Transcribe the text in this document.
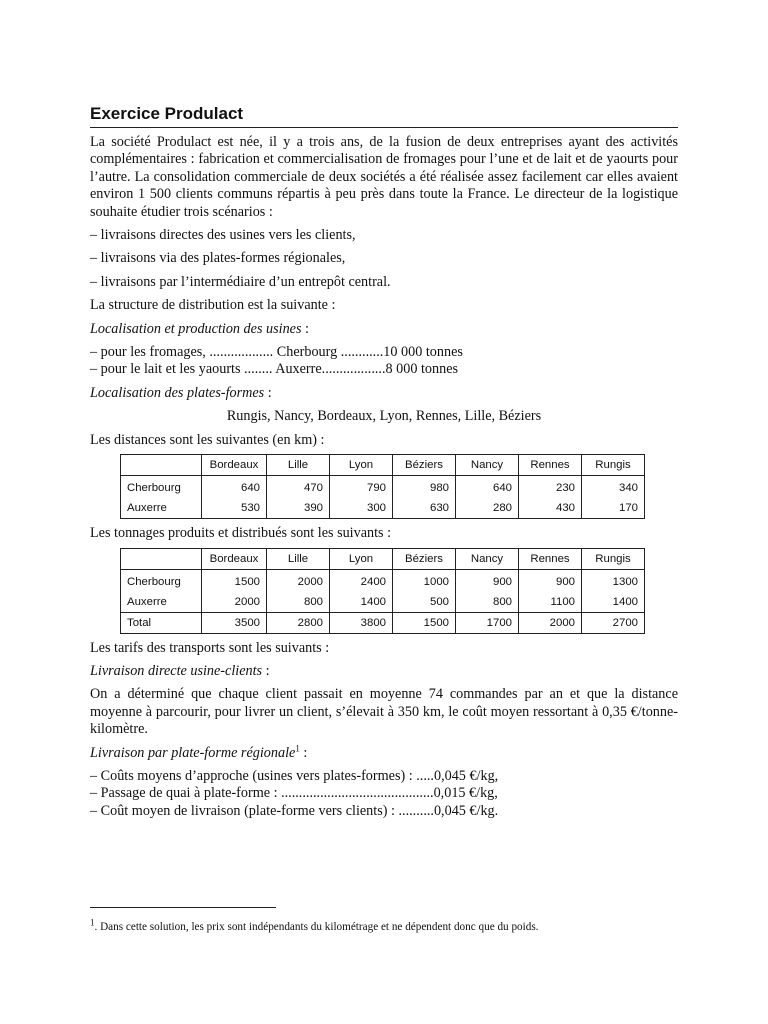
Exercice Produlact

La société Produlact est née, il y a trois ans, de la fusion de deux entreprises ayant des activités complémentaires : fabrication et commercialisation de fromages pour l’une et de lait et de yaourts pour l’autre. La consolidation commerciale de deux sociétés a été réalisée assez facilement car elles avaient environ 1 500 clients communs répartis à peu près dans toute la France. Le directeur de la logistique souhaite étudier trois scénarios :

– livraisons directes des usines vers les clients,

– livraisons via des plates-formes régionales,

– livraisons par l’intermédiaire d’un entrepôt central.

La structure de distribution est la suivante :

Localisation et production des usines :

– pour les fromages, .................. Cherbourg ............10 000 tonnes

– pour le lait et les yaourts ........ Auxerre..................8 000 tonnes

Localisation des plates-formes :

Rungis, Nancy, Bordeaux, Lyon, Rennes, Lille, Béziers

Les distances sont les suivantes (en km) :

	Bordeaux	Lille	Lyon	Béziers	Nancy	Rennes	Rungis
Cherbourg	640	470	790	980	640	230	340
Auxerre	530	390	300	630	280	430	170

Les tonnages produits et distribués sont les suivants :

	Bordeaux	Lille	Lyon	Béziers	Nancy	Rennes	Rungis
Cherbourg	1500	2000	2400	1000	900	900	1300
Auxerre	2000	800	1400	500	800	1100	1400
Total	3500	2800	3800	1500	1700	2000	2700

Les tarifs des transports sont les suivants :

Livraison directe usine-clients :

On a déterminé que chaque client passait en moyenne 74 commandes par an et que la distance moyenne à parcourir, pour livrer un client, s’élevait à 350 km, le coût moyen ressortant à 0,35 €/tonne-kilomètre.

Livraison par plate-forme régionale$^1$ :

– Coûts moyens d’approche (usines vers plates-formes) : .....0,045 €/kg,

– Passage de quai à plate-forme : ...........................................0,015 €/kg,

– Coût moyen de livraison (plate-forme vers clients) : ..........0,045 €/kg.

$^1$. Dans cette solution, les prix sont indépendants du kilométrage et ne dépendent donc que du poids.
